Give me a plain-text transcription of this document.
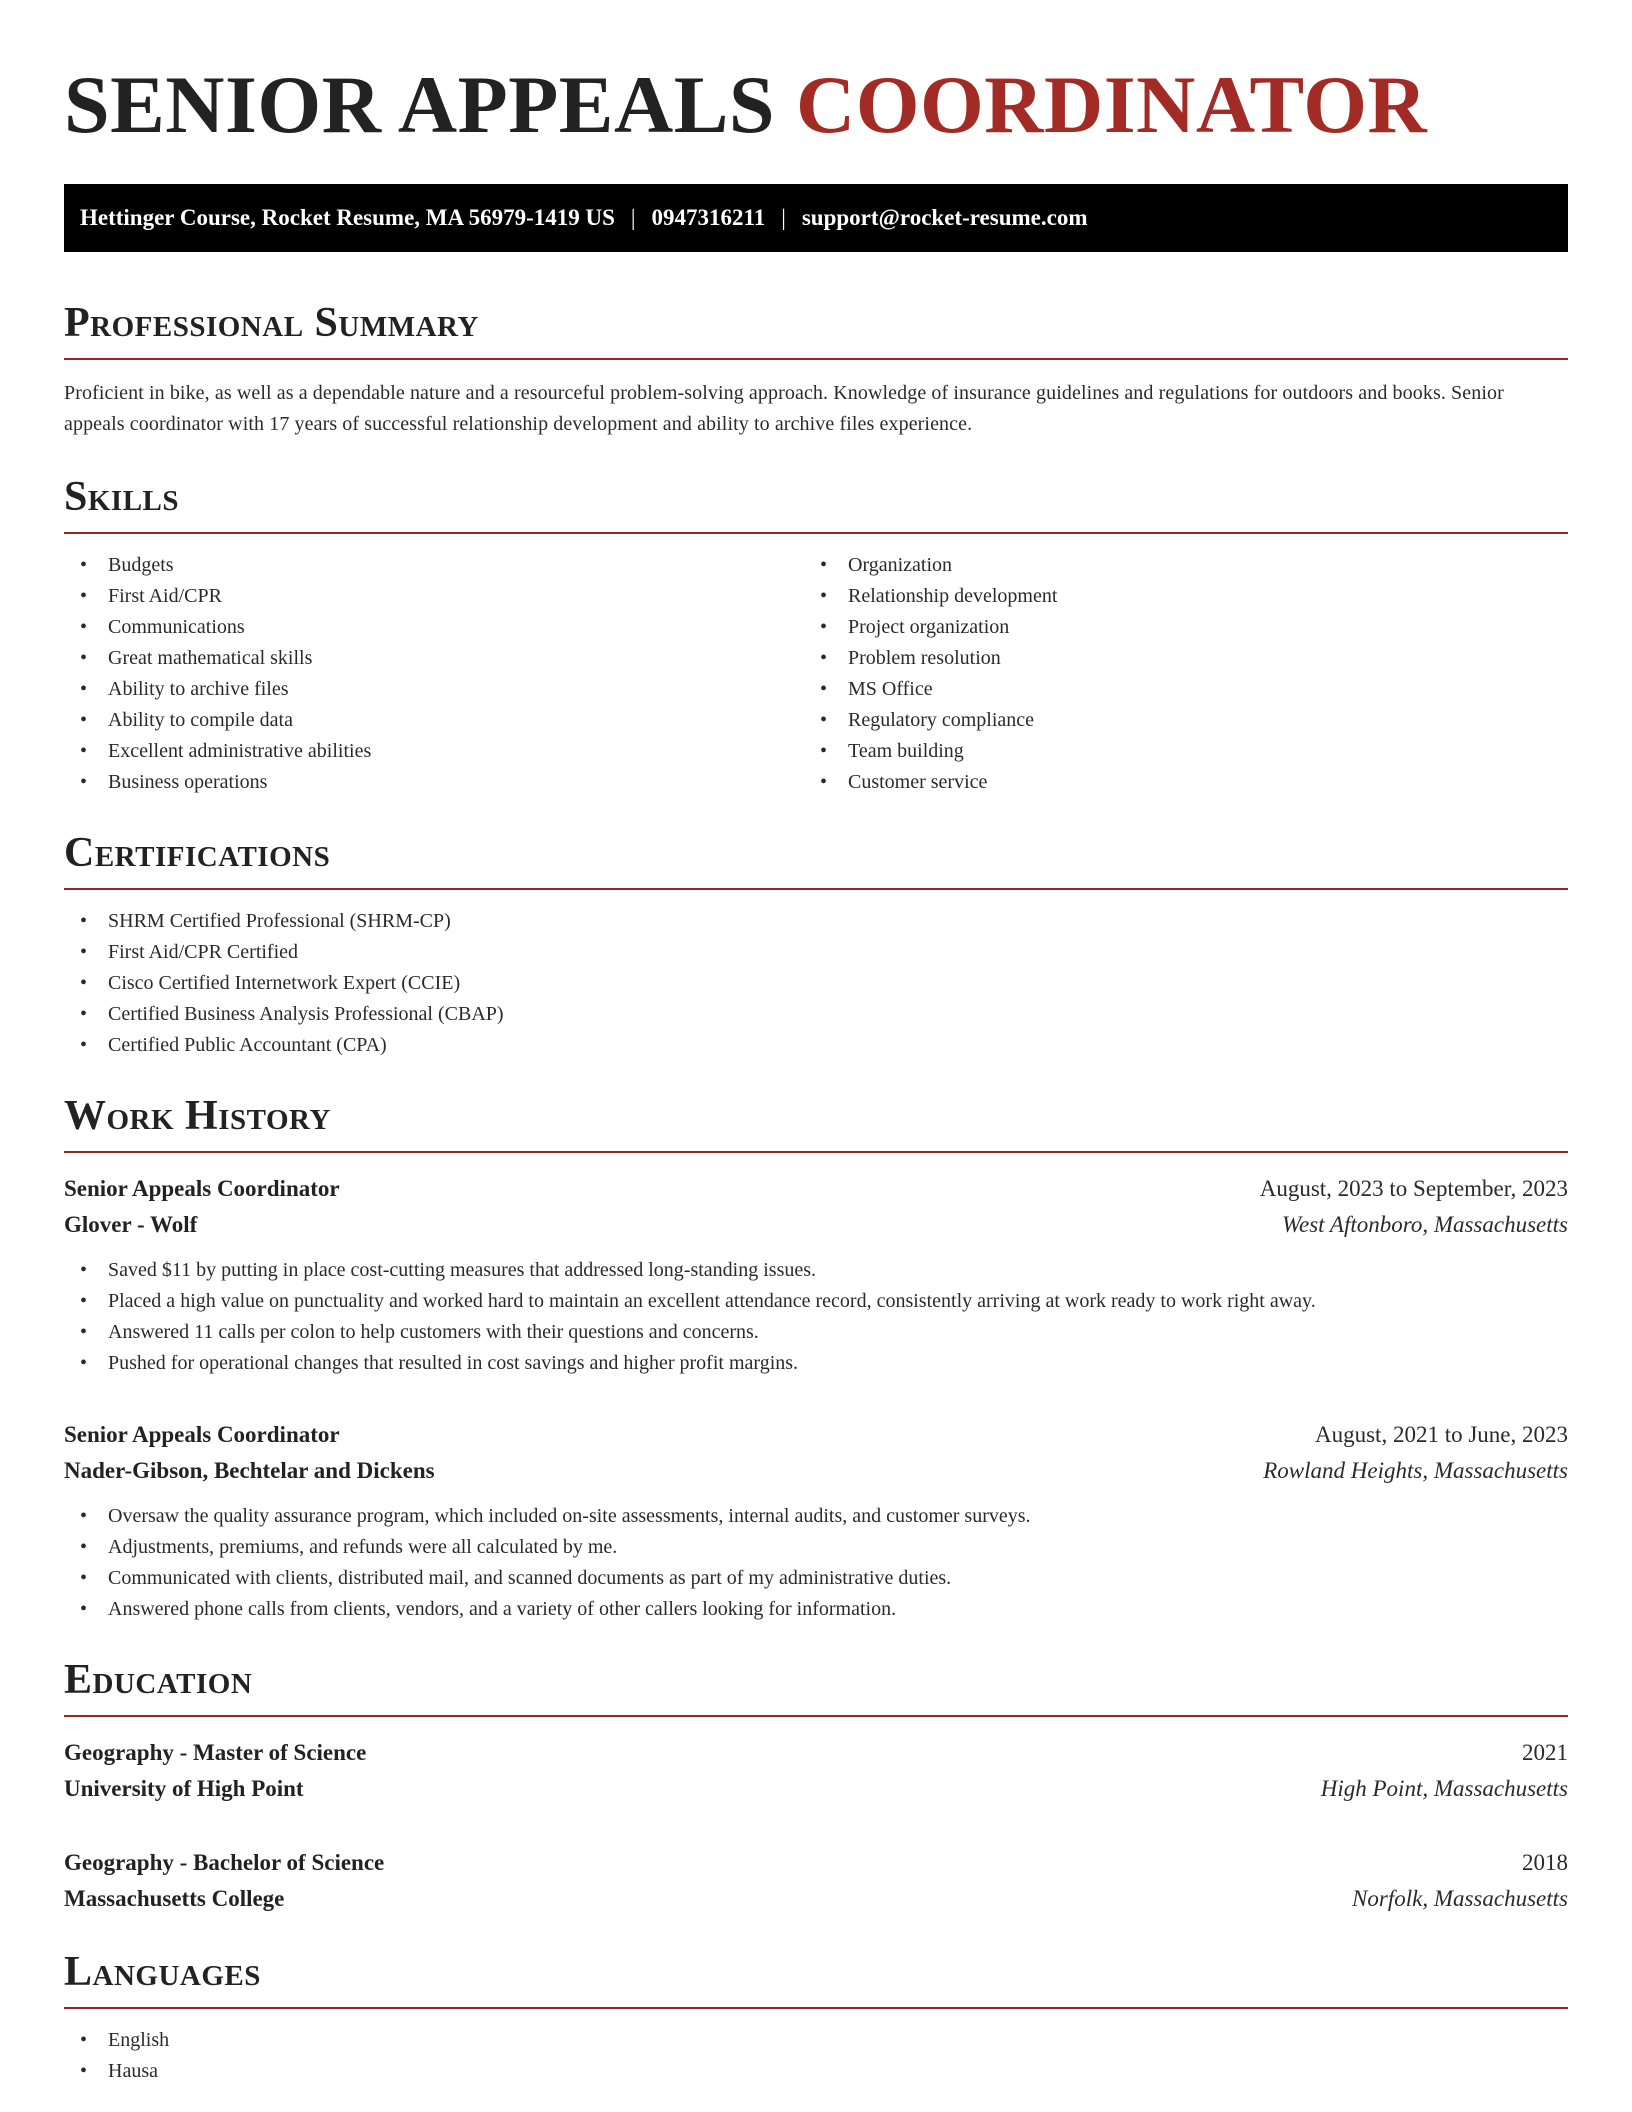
SENIOR APPEALS COORDINATOR
Hettinger Course, Rocket Resume, MA 56979-1419 US | 0947316211 | support@rocket-resume.com
Professional Summary

Proficient in bike, as well as a dependable nature and a resourceful problem-solving approach. Knowledge of insurance guidelines and regulations for outdoors and books. Senior appeals coordinator with 17 years of successful relationship development and ability to archive files experience.

Skills
• Budgets
• First Aid/CPR
• Communications
• Great mathematical skills
• Ability to archive files
• Ability to compile data
• Excellent administrative abilities
• Business operations
• Organization
• Relationship development
• Project organization
• Problem resolution
• MS Office
• Regulatory compliance
• Team building
• Customer service
Certifications
• SHRM Certified Professional (SHRM-CP)
• First Aid/CPR Certified
• Cisco Certified Internetwork Expert (CCIE)
• Certified Business Analysis Professional (CBAP)
• Certified Public Accountant (CPA)
Work History
Senior Appeals Coordinator	August, 2023 to September, 2023
Glover - Wolf	West Aftonboro, Massachusetts
• Saved $11 by putting in place cost-cutting measures that addressed long-standing issues.
• Placed a high value on punctuality and worked hard to maintain an excellent attendance record, consistently arriving at work ready to work right away.
• Answered 11 calls per colon to help customers with their questions and concerns.
• Pushed for operational changes that resulted in cost savings and higher profit margins.
Senior Appeals Coordinator	August, 2021 to June, 2023
Nader-Gibson, Bechtelar and Dickens	Rowland Heights, Massachusetts
• Oversaw the quality assurance program, which included on-site assessments, internal audits, and customer surveys.
• Adjustments, premiums, and refunds were all calculated by me.
• Communicated with clients, distributed mail, and scanned documents as part of my administrative duties.
• Answered phone calls from clients, vendors, and a variety of other callers looking for information.
Education
Geography - Master of Science	2021
University of High Point	High Point, Massachusetts
Geography - Bachelor of Science	2018
Massachusetts College	Norfolk, Massachusetts
Languages
• English
• Hausa
